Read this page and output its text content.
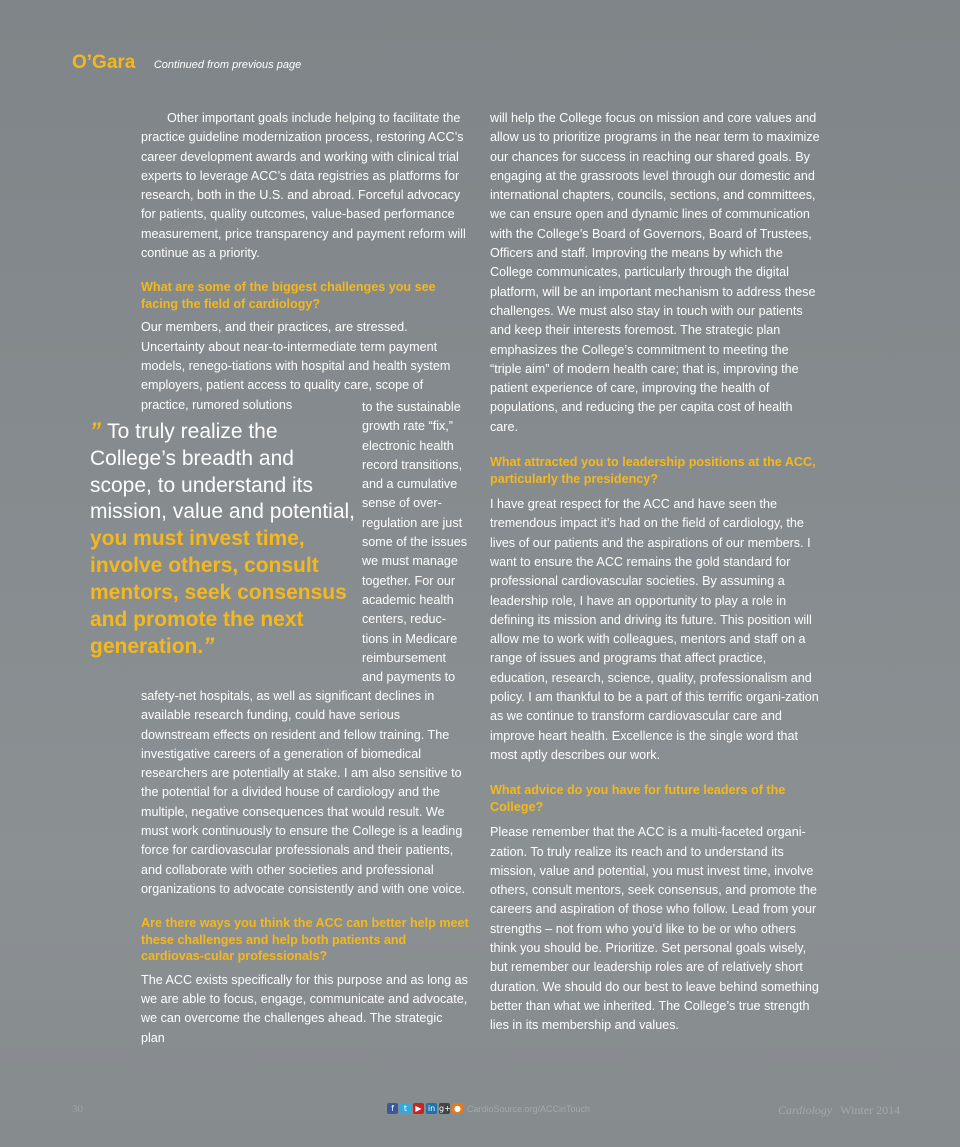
O’Gara Continued from previous page

Other important goals include helping to facilitate the practice guideline modernization process, restoring ACC’s career development awards and working with clinical trial experts to leverage ACC’s data registries as platforms for research, both in the U.S. and abroad. Forceful advocacy for patients, quality outcomes, value-based performance measurement, price transparency and payment reform will continue as a priority.

What are some of the biggest challenges you see facing the field of cardiology?

Our members, and their practices, are stressed. Uncertainty about near-to-intermediate term payment models, renego-tiations with hospital and health system employers, patient access to quality care, scope of practice, rumored solutions

” To truly realize the College’s breadth and scope, to understand its mission, value and potential, you must invest time, involve others, consult mentors, seek consensus and promote the next generation.”

to the sustainable growth rate “fix,” electronic health record transitions, and a cumulative sense of over-regulation are just some of the issues we must manage together. For our academic health centers, reduc-tions in Medicare reimbursement and payments to

safety-net hospitals, as well as significant declines in available research funding, could have serious downstream effects on resident and fellow training. The investigative careers of a generation of biomedical researchers are potentially at stake. I am also sensitive to the potential for a divided house of cardiology and the multiple, negative consequences that would result. We must work continuously to ensure the College is a leading force for cardiovascular professionals and their patients, and collaborate with other societies and professional organizations to advocate consistently and with one voice.

Are there ways you think the ACC can better help meet these challenges and help both patients and cardiovas-cular professionals?

The ACC exists specifically for this purpose and as long as we are able to focus, engage, communicate and advocate, we can overcome the challenges ahead. The strategic plan

will help the College focus on mission and core values and allow us to prioritize programs in the near term to maximize our chances for success in reaching our shared goals. By engaging at the grassroots level through our domestic and international chapters, councils, sections, and committees, we can ensure open and dynamic lines of communication with the College’s Board of Governors, Board of Trustees, Officers and staff. Improving the means by which the College communicates, particularly through the digital platform, will be an important mechanism to address these challenges. We must also stay in touch with our patients and keep their interests foremost. The strategic plan emphasizes the College’s commitment to meeting the “triple aim” of modern health care; that is, improving the patient experience of care, improving the health of populations, and reducing the per capita cost of health care.

What attracted you to leadership positions at the ACC, particularly the presidency?

I have great respect for the ACC and have seen the tremendous impact it’s had on the field of cardiology, the lives of our patients and the aspirations of our members. I want to ensure the ACC remains the gold standard for professional cardiovascular societies. By assuming a leadership role, I have an opportunity to play a role in defining its mission and driving its future. This position will allow me to work with colleagues, mentors and staff on a range of issues and programs that affect practice, education, research, science, quality, professionalism and policy. I am thankful to be a part of this terrific organi-zation as we continue to transform cardiovascular care and improve heart health. Excellence is the single word that most aptly describes our work.

What advice do you have for future leaders of the College?

Please remember that the ACC is a multi-faceted organi-zation. To truly realize its reach and to understand its mission, value and potential, you must invest time, involve others, consult mentors, seek consensus, and promote the careers and aspiration of those who follow. Lead from your strengths – not from who you’d like to be or who others think you should be. Prioritize. Set personal goals wisely, but remember our leadership roles are of relatively short duration. We should do our best to leave behind something better than what we inherited. The College’s true strength lies in its membership and values.

30	f	t	▶ in g+ ● CardioSource.org/ACCinTouch	Cardiology Winter 2014
